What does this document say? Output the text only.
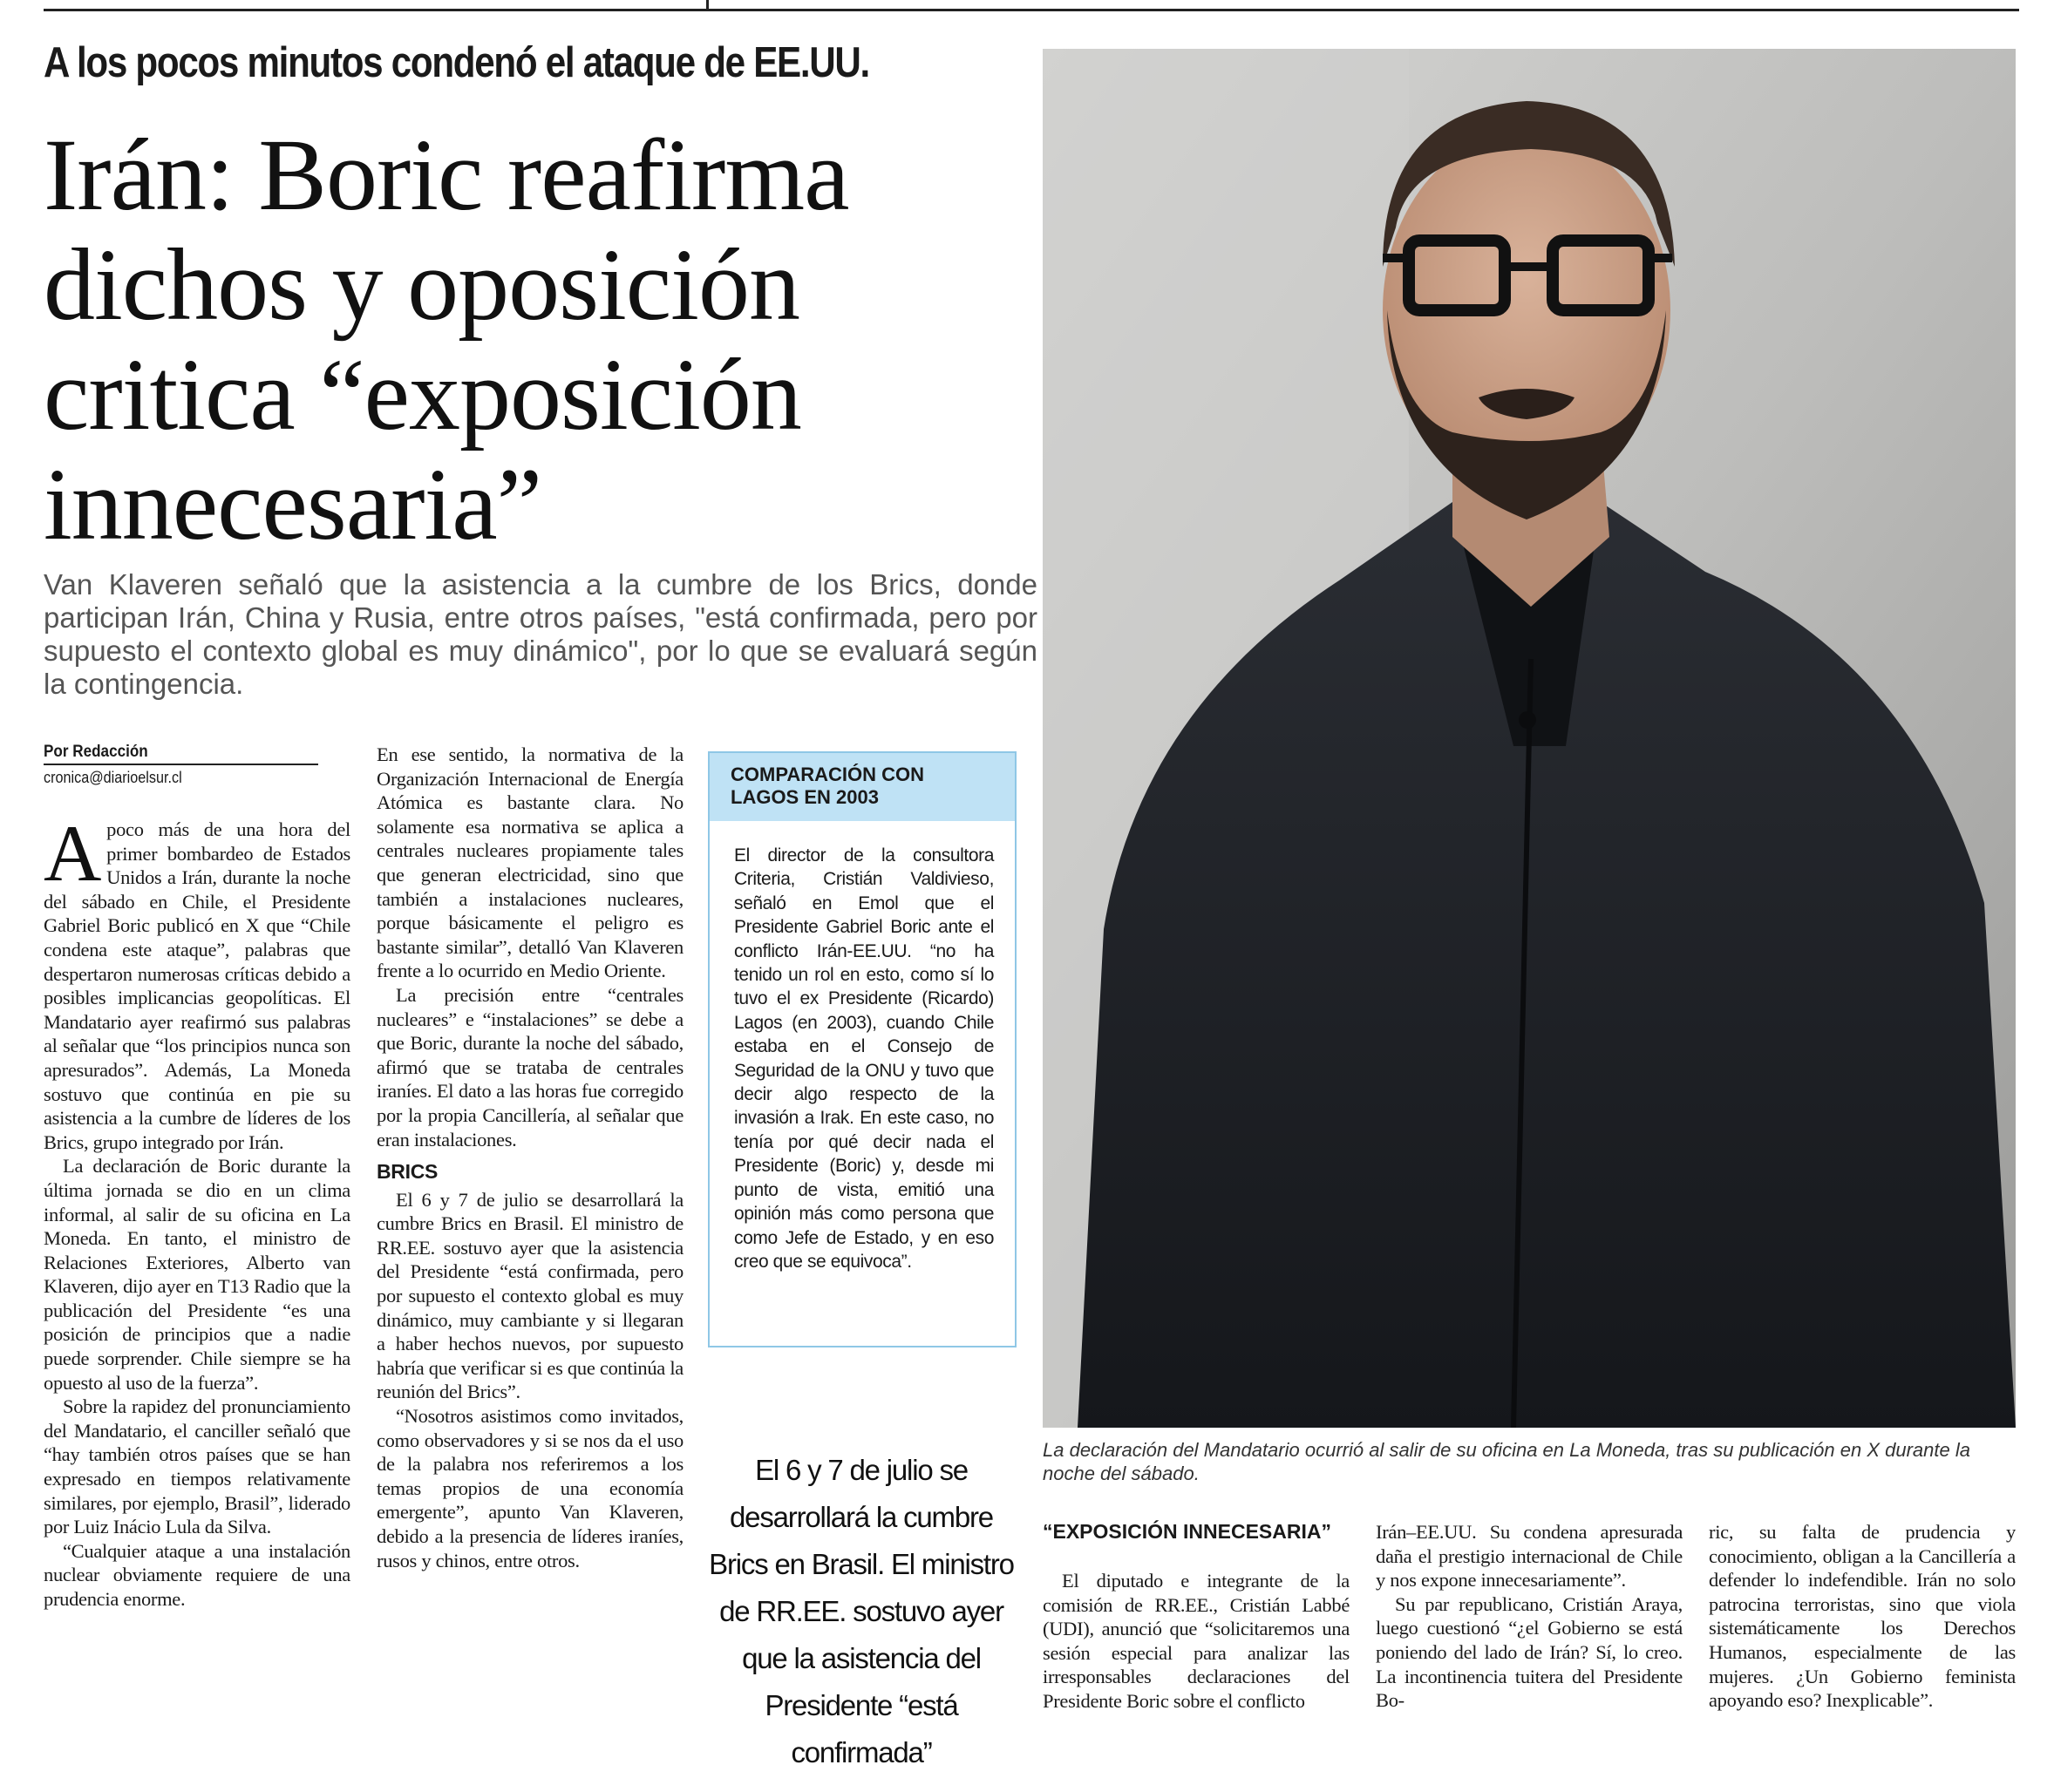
A los pocos minutos condenó el ataque de EE.UU.
Irán: Boric reafirma
dichos y oposición
critica “exposición
innecesaria”
Van Klaveren señaló que la asistencia a la cumbre de los Brics, donde participan Irán, China y Rusia, entre otros países, "está confirmada, pero por supuesto el contexto global es muy dinámico", por lo que se evaluará según la contingencia.
Por Redacción
cronica@diarioelsur.cl

Apoco más de una hora del primer bombardeo de Estados Unidos a Irán, durante la noche del sábado en Chile, el Presidente Gabriel Boric publicó en X que “Chile condena este ataque”, palabras que despertaron numerosas críticas debido a posibles implicancias geopolíticas. El Mandatario ayer reafirmó sus palabras al señalar que “los principios nunca son apresurados”. Además, La Moneda sostuvo que continúa en pie su asistencia a la cumbre de líderes de los Brics, grupo integrado por Irán.

La declaración de Boric durante la última jornada se dio en un clima informal, al salir de su oficina en La Moneda. En tanto, el ministro de Relaciones Exteriores, Alberto van Klaveren, dijo ayer en T13 Radio que la publicación del Presidente “es una posición de principios que a nadie puede sorprender. Chile siempre se ha opuesto al uso de la fuerza”.

Sobre la rapidez del pronunciamiento del Mandatario, el canciller señaló que “hay también otros países que se han expresado en tiempos relativamente similares, por ejemplo, Brasil”, liderado por Luiz Inácio Lula da Silva.

“Cualquier ataque a una instalación nuclear obviamente requiere de una prudencia enorme.

En ese sentido, la normativa de la Organización Internacional de Energía Atómica es bastante clara. No solamente esa normativa se aplica a centrales nucleares propiamente tales que generan electricidad, sino que también a instalaciones nucleares, porque básicamente el peligro es bastante similar”, detalló Van Klaveren frente a lo ocurrido en Medio Oriente.

La precisión entre “centrales nucleares” e “instalaciones” se debe a que Boric, durante la noche del sábado, afirmó que se trataba de centrales iraníes. El dato a las horas fue corregido por la propia Cancillería, al señalar que eran instalaciones.

BRICS

El 6 y 7 de julio se desarrollará la cumbre Brics en Brasil. El ministro de RR.EE. sostuvo ayer que la asistencia del Presidente “está confirmada, pero por supuesto el contexto global es muy dinámico, muy cambiante y si llegaran a haber hechos nuevos, por supuesto habría que verificar si es que continúa la reunión del Brics”.

“Nosotros asistimos como invitados, como observadores y si se nos da el uso de la palabra nos referiremos a los temas propios de una economía emergente”, apunto Van Klaveren, debido a la presencia de líderes iraníes, rusos y chinos, entre otros.

COMPARACIÓN CON LAGOS EN 2003
El director de la consultora Criteria, Cristián Valdivieso, señaló en Emol que el Presidente Gabriel Boric ante el conflicto Irán-EE.UU. “no ha tenido un rol en esto, como sí lo tuvo el ex Presidente (Ricardo) Lagos (en 2003), cuando Chile estaba en el Consejo de Seguridad de la ONU y tuvo que decir algo respecto de la invasión a Irak. En este caso, no tenía por qué decir nada el Presidente (Boric) y, desde mi punto de vista, emitió una opinión más como persona que como Jefe de Estado, y en eso creo que se equivoca”.
El 6 y 7 de julio se desarrollará la cumbre Brics en Brasil. El ministro de RR.EE. sostuvo ayer que la asistencia del Presidente “está confirmada”
La declaración del Mandatario ocurrió al salir de su oficina en La Moneda, tras su publicación en X durante la noche del sábado.
“EXPOSICIÓN INNECESARIA”

El diputado e integrante de la comisión de RR.EE., Cristián Labbé (UDI), anunció que “solicitaremos una sesión especial para analizar las irresponsables declaraciones del Presidente Boric sobre el conflicto

Irán–EE.UU. Su condena apresurada daña el prestigio internacional de Chile y nos expone innecesariamente”.

Su par republicano, Cristián Araya, luego cuestionó “¿el Gobierno se está poniendo del lado de Irán? Sí, lo creo. La incontinencia tuitera del Presidente Bo-

ric, su falta de prudencia y conocimiento, obligan a la Cancillería a defender lo indefendible. Irán no solo patrocina terroristas, sino que viola sistemáticamente los Derechos Humanos, especialmente de las mujeres. ¿Un Gobierno feminista apoyando eso? Inexplicable”.
